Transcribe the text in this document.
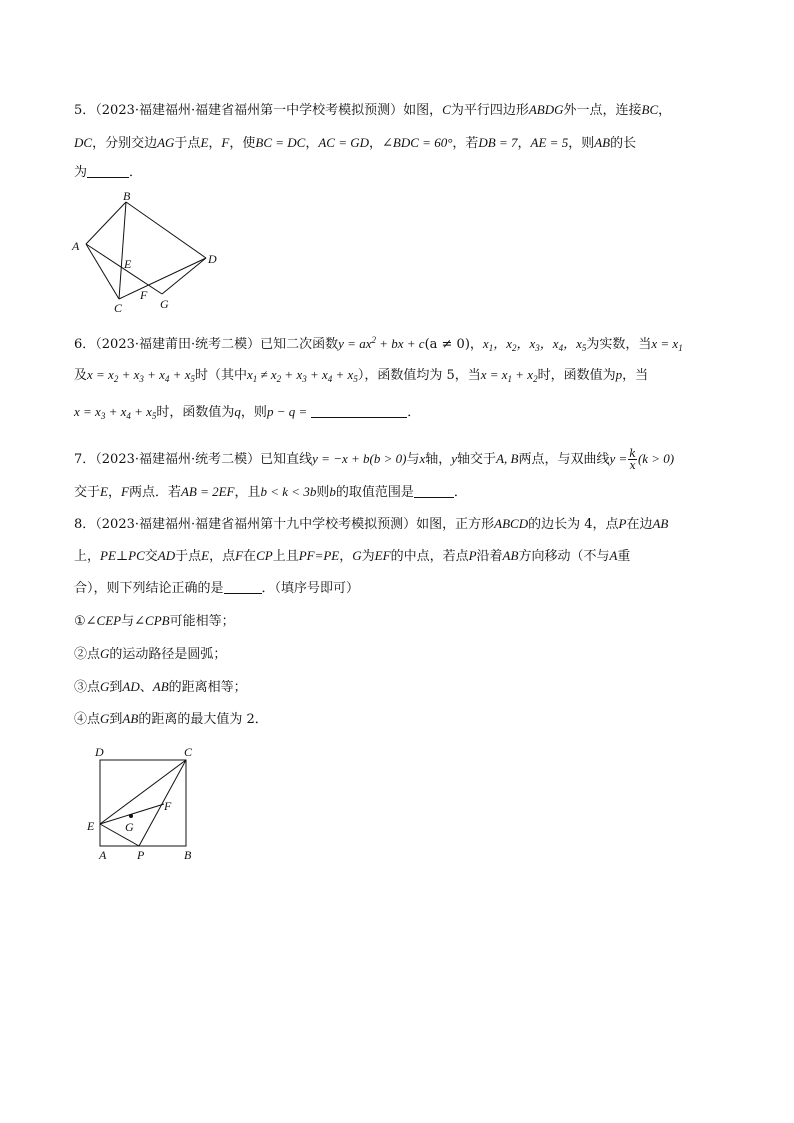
5．（2023·福建福州·福建省福州第一中学校考模拟预测）如图，C为平行四边形ABDG外一点，连接BC，
DC，分别交边AG于点E，F，使BC = DC，AC = GD，∠BDC = 60°，若DB = 7，AE = 5，则AB的长
为	．
A
B
C
D
E
F
G
6．（2023·福建莆田·统考二模）已知二次函数$y = ax^2$ + bx + c(a ≠ 0)，$x_1$，$x_2$，$x_3$，$x_4$，$x_5$为实数，当$x = x_1$
及$x = x_2 + x_3 + x_4 + x_5$时（其中$x_1 \ne x_2 + x_3 + x_4 + x_5$），函数值均为 5，当$x = x_1 + x_2$时，函数值为p，当
$x = x_3 + x_4 + x_5$时，函数值为q，则p − q =	．
7．（2023·福建福州·统考二模）已知直线y = −x + b(b > 0)与x轴，y轴交于A, B两点，与双曲线$y = \frac{k}{x} (k > 0)$
交于E，F两点．若AB = 2EF，且b < k < 3b则b的取值范围是	．
8．（2023·福建福州·福建省福州第十九中学校考模拟预测）如图，正方形ABCD的边长为 4，点P在边AB
上，PE⊥PC交AD于点E，点F在CP上且PF=PE，G为EF的中点，若点P沿着AB方向移动（不与A重
合），则下列结论正确的是	．（填序号即可）
①∠CEP与∠CPB可能相等；
②点G的运动路径是圆弧；
③点G到AD、AB的距离相等；
④点G到AB的距离的最大值为 2．
D	C
E
F
G
A	P	B
